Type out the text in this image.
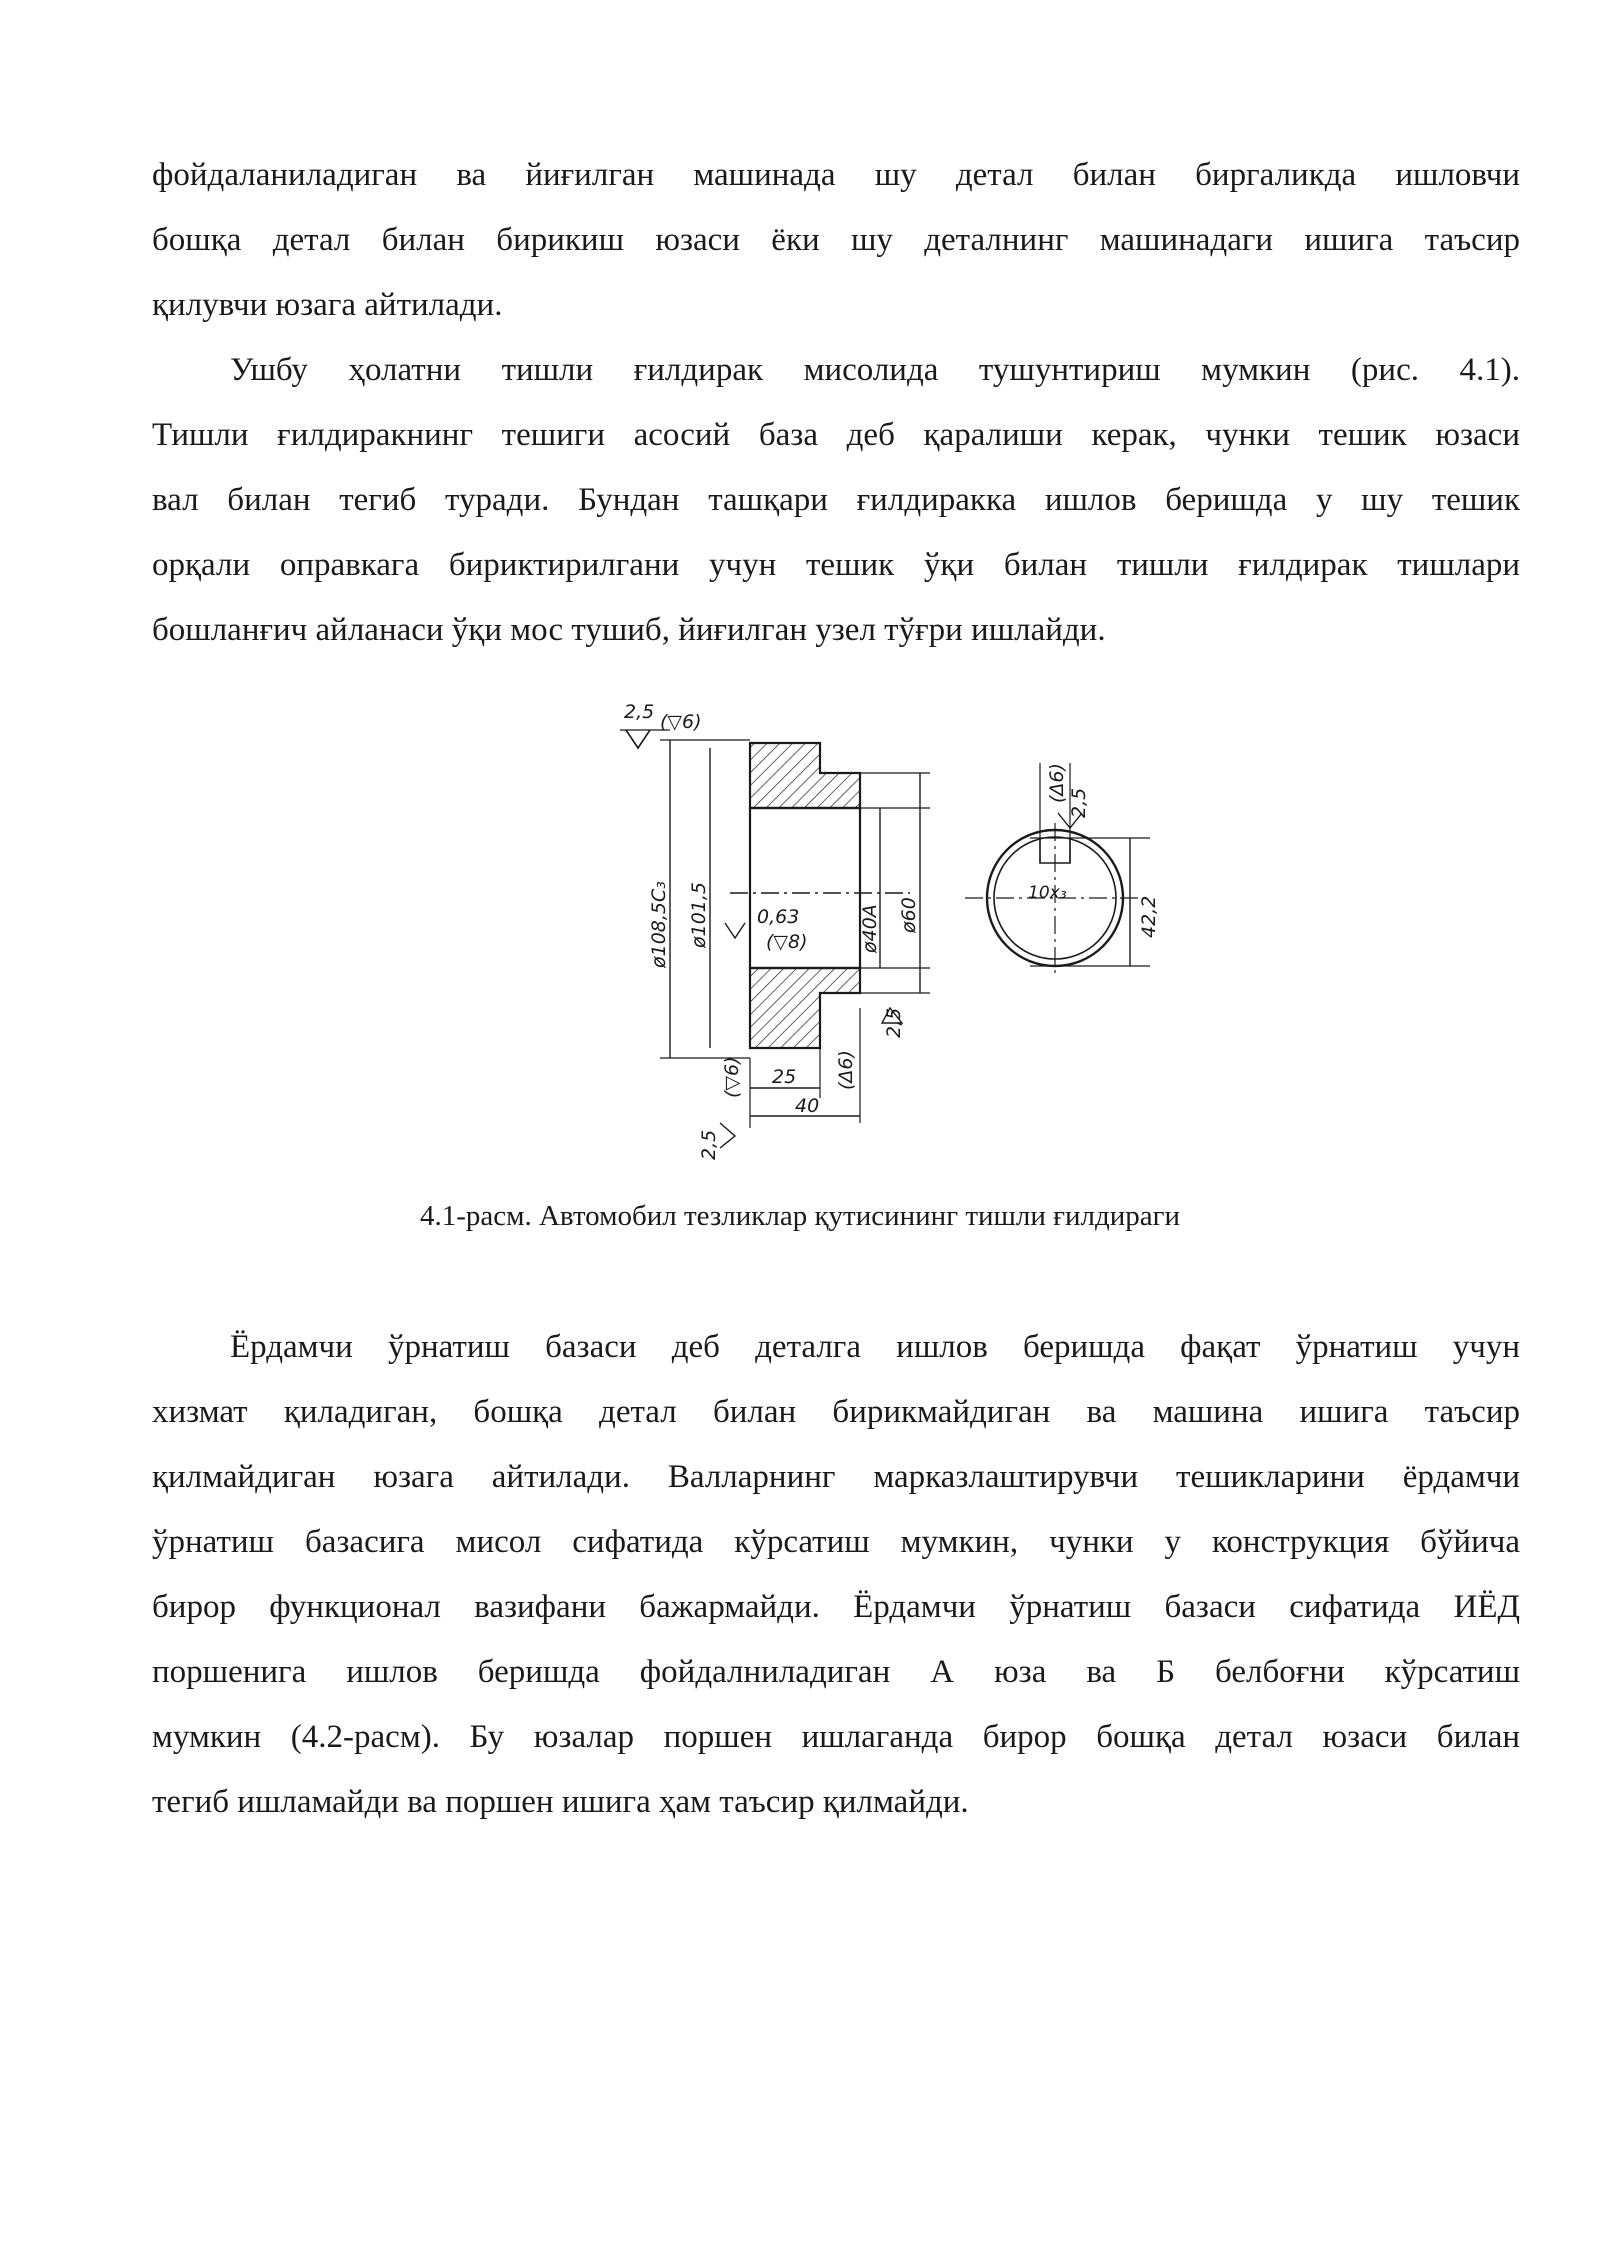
фойдаланиладиган ва йиғилган машинада шу детал билан биргаликда ишловчи
бошқа детал билан бирикиш юзаси ёки шу деталнинг машинадаги ишига таъсир
қилувчи юзага айтилади.
Ушбу ҳолатни тишли ғилдирак мисолида тушунтириш мумкин (рис. 4.1).
Тишли ғилдиракнинг тешиги асосий база деб қаралиши керак, чунки тешик юзаси
вал билан тегиб туради. Бундан ташқари ғилдиракка ишлов беришда у шу тешик
орқали оправкага бириктирилгани учун тешик ўқи билан тишли ғилдирак тишлари
бошланғич айланаси ўқи мос тушиб, йиғилган узел тўғри ишлайди.
2,5 (▽6)
ø108,5С₃ ø101,5	ø40А ø60
0,63
(▽8)
2,5
(▽6) 25
40
(Δ6)
2,5
(Δ6) 2,5
10х₃
42,2
4.1-расм. Автомобил тезликлар қутисининг тишли ғилдираги
Ёрдамчи ўрнатиш базаси деб деталга ишлов беришда фақат ўрнатиш учун
хизмат қиладиган, бошқа детал билан бирикмайдиган ва машина ишига таъсир
қилмайдиган юзага айтилади. Валларнинг марказлаштирувчи тешикларини ёрдамчи
ўрнатиш базасига мисол сифатида кўрсатиш мумкин, чунки у конструкция бўйича
бирор функционал вазифани бажармайди. Ёрдамчи ўрнатиш базаси сифатида ИЁД
поршенига ишлов беришда фойдалниладиган А юза ва Б белбоғни кўрсатиш
мумкин (4.2-расм). Бу юзалар поршен ишлаганда бирор бошқа детал юзаси билан
тегиб ишламайди ва поршен ишига ҳам таъсир қилмайди.
